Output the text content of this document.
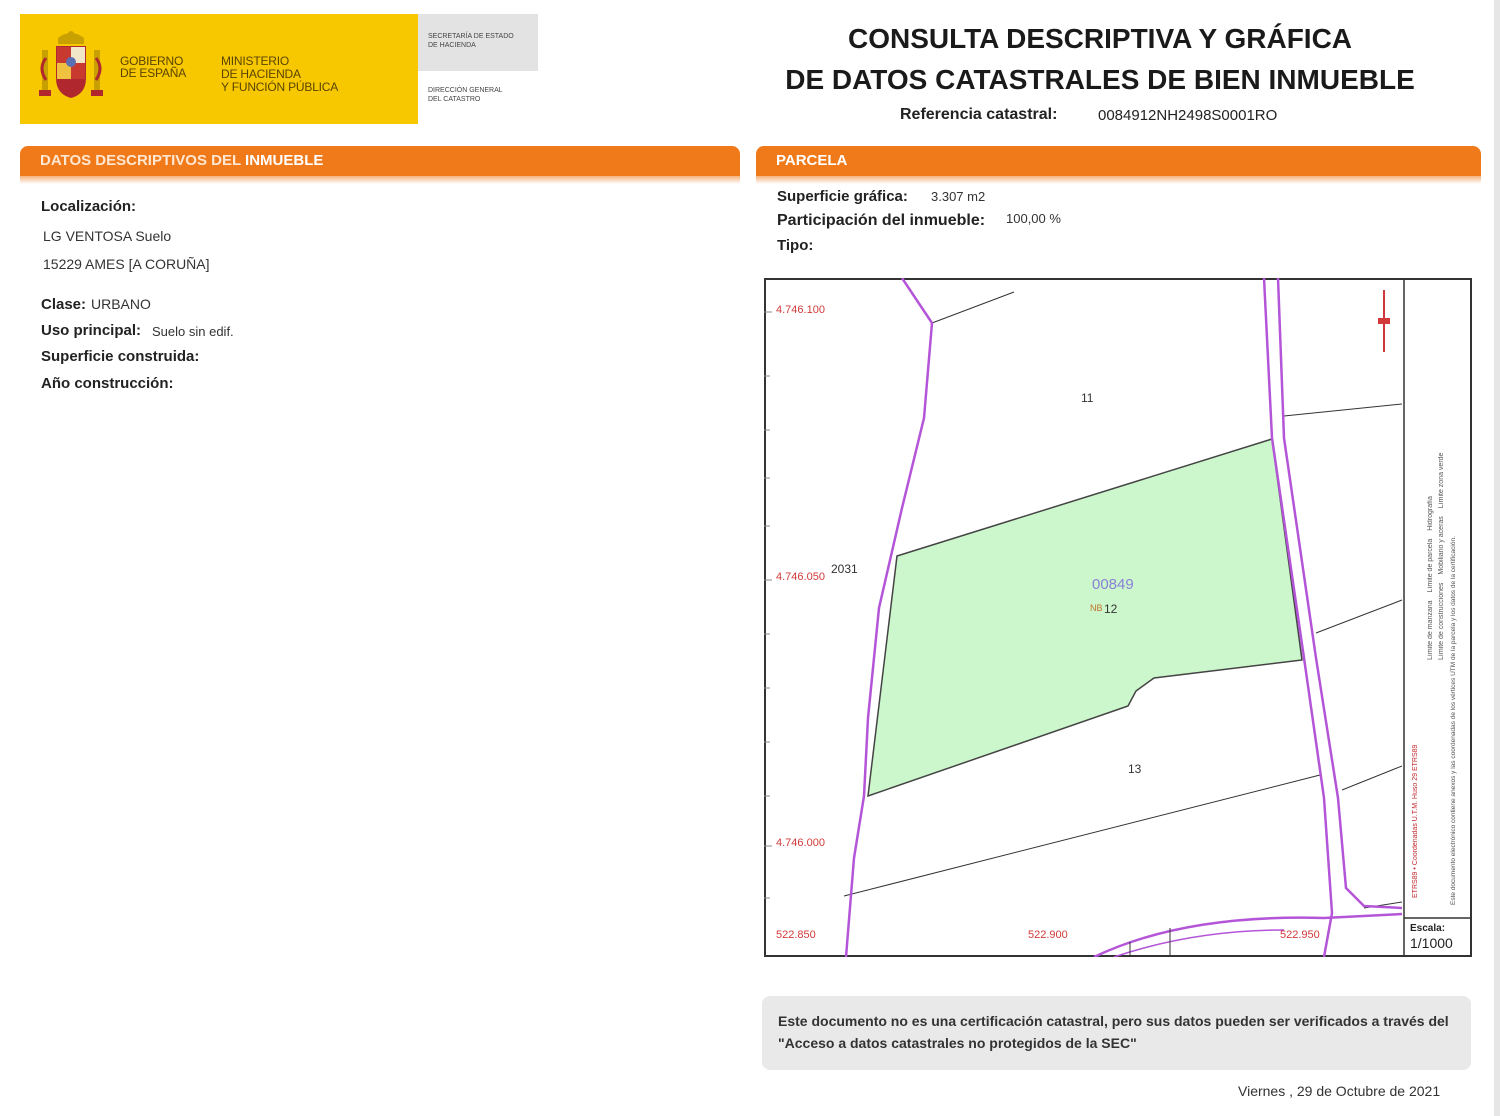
GOBIERNO
DE ESPAÑA
MINISTERIO
DE HACIENDA
Y FUNCIÓN PÚBLICA
SECRETARÍA DE ESTADO
DE HACIENDA
DIRECCIÓN GENERAL
DEL CATASTRO
CONSULTA DESCRIPTIVA Y GRÁFICA
DE DATOS CATASTRALES DE BIEN INMUEBLE
Referencia catastral:	0084912NH2498S0001RO
DATOS DESCRIPTIVOS DEL INMUEBLE
Localización:
LG VENTOSA Suelo
15229 AMES [A CORUÑA]
Clase: URBANO
Uso principal: Suelo sin edif.
Superficie construida:
Año construcción:
PARCELA
Superficie gráfica: 3.307 m2
Participación del inmueble: 100,00 %
Tipo:
4.746.100
4.746.050
4.746.000
522.850	522.900	522.950
11
2031
13
00849
NB 12
ETRS89 • Coordenadas U.T.M. Huso 29 ETRS89
Límite de manzana
Límite de parcela
Hidrografía
Límite de construcciones
Mobiliario y aceras
Límite zona verde
Este documento electrónico contiene anexos y las coordenadas de los vértices UTM de la parcela y los datos de la certificación.
Escala:
1/1000
Este documento no es una certificación catastral, pero sus datos pueden ser verificados a través del "Acceso a datos catastrales no protegidos de la SEC"
Viernes , 29 de Octubre de 2021
